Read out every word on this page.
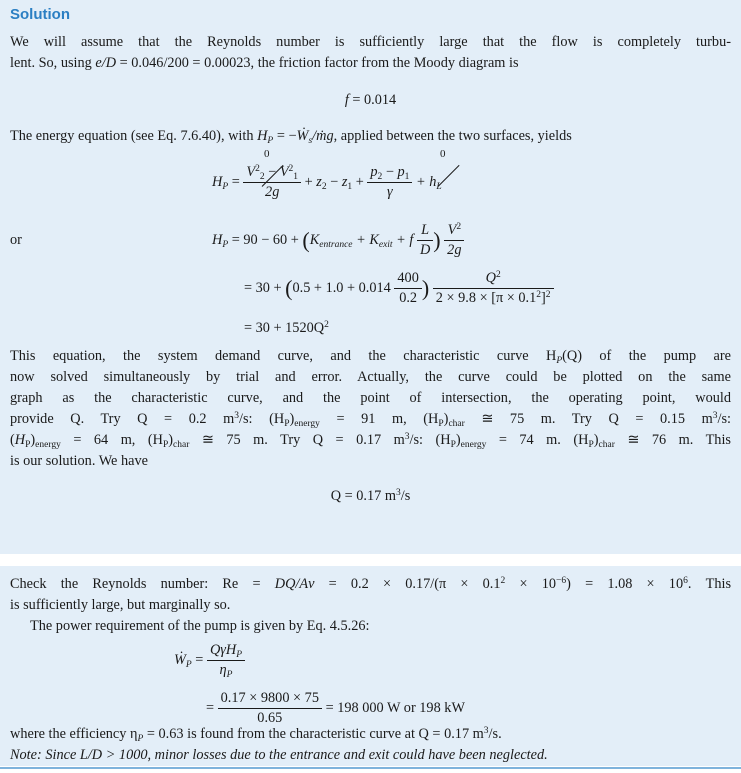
Solution
We will assume that the Reynolds number is sufficiently large that the flow is completely turbu-
lent. So, using e/D = 0.046/200 = 0.00023, the friction factor from the Moody diagram is
f = 0.014
The energy equation (see Eq. 7.6.40), with $H_P$ = −Ẇ$_s$/ṁg, applied between the two surfaces, yields
0	0
$H_P = \frac{V^2_2 - V^2_1}{2g} + z_2 - z_1 + \frac{p_2 - p_1}{\gamma} + h_L$
or	$H_P = 90 - 60 + (K_{entrance} + K_{exit} + f \frac{L}{D}$ ) $\frac{V^2}{2g}$
= $30 + (0.5 + 1.0 + 0.014 \frac{400}{0.2}$ ) $\frac{Q^2}{2 \times 9.8 \times [\pi \times 0.1^2]^2}$
= $30 + 1520Q^2$
This equation, the system demand curve, and the characteristic curve $H_P(Q)$ of the pump are
now solved simultaneously by trial and error. Actually, the curve could be plotted on the same
graph as the characteristic curve, and the point of intersection, the operating point, would
provide Q. Try Q = 0.2 $m^3/s$: $(H_P)_{energy} = 91$ m, $(H_P)_{char}$ ≅ 75 m. Try Q = 0.15 $m^3/s$:
$(H_P)_{energy} = 64$ m, $(H_P)_{char}$ ≅ 75 m. Try Q = 0.17 $m^3/s$: $(H_P)_{energy} = 74$ m. $(H_P)_{char}$ ≅ 76 m. This
is our solution. We have
Q = 0.17 $m^3/s$
Check the Reynolds number: $Re = DQ/A\nu = 0.2 \times 0.17/(\pi \times 0.1^2 \times 10^{-6}) = 1.08 \times 10^6$. This
is sufficiently large, but marginally so.
The power requirement of the pump is given by Eq. 4.5.26:
Ẇ$_P$ = $\frac{Q\gamma H_P}{\eta_P}$
= $\frac{0.17 \times 9800 \times 75}{0.65} = 198$ 000 W or 198 kW
where the efficiency $\eta_P = 0.63$ is found from the characteristic curve at Q = 0.17 $m^3/s$.
Note: Since L/D > 1000, minor losses due to the entrance and exit could have been neglected.
